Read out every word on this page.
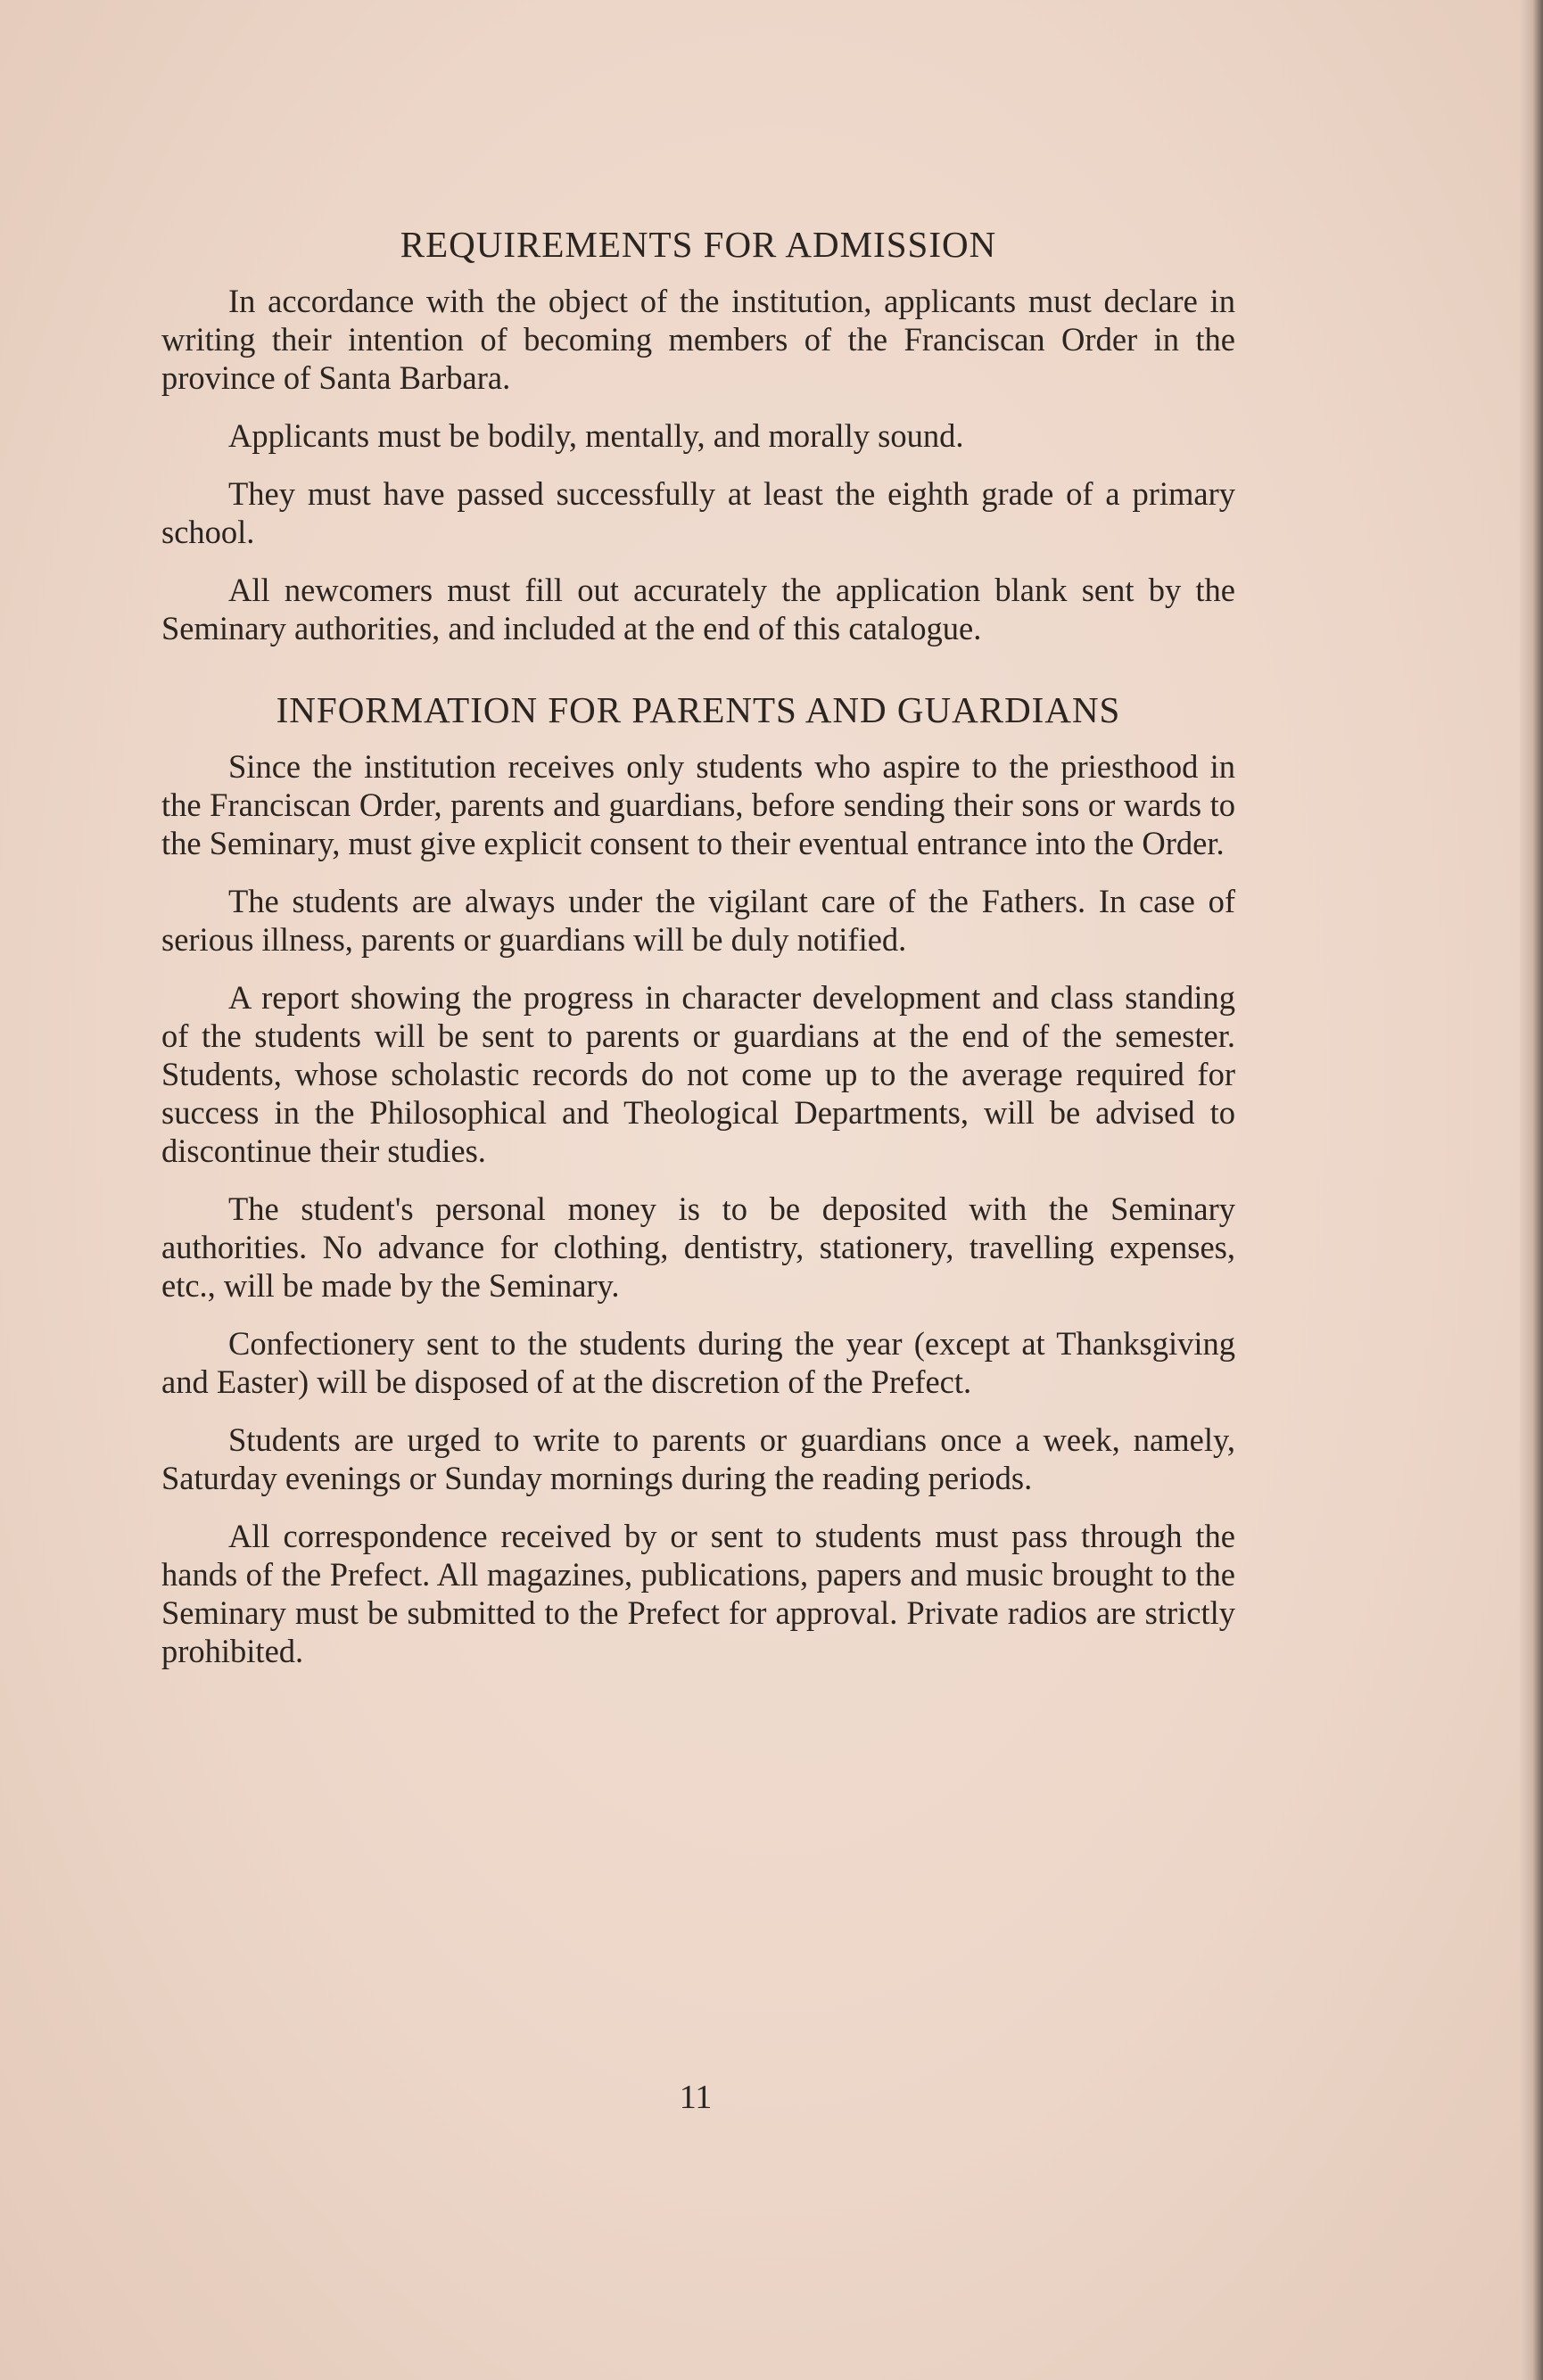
REQUIREMENTS FOR ADMISSION

In accordance with the object of the institution, applicants must declare in writing their intention of becoming members of the Franciscan Order in the province of Santa Barbara.

Applicants must be bodily, mentally, and morally sound.

They must have passed successfully at least the eighth grade of a primary school.

All newcomers must fill out accurately the application blank sent by the Seminary authorities, and included at the end of this catalogue.

INFORMATION FOR PARENTS AND GUARDIANS

Since the institution receives only students who aspire to the priesthood in the Franciscan Order, parents and guardians, before sending their sons or wards to the Seminary, must give explicit consent to their eventual entrance into the Order.

The students are always under the vigilant care of the Fathers. In case of serious illness, parents or guardians will be duly notified.

A report showing the progress in character development and class standing of the students will be sent to parents or guardians at the end of the semester. Students, whose scholastic records do not come up to the average required for success in the Philosophical and Theological Departments, will be advised to discontinue their studies.

The student's personal money is to be deposited with the Seminary authorities. No advance for clothing, dentistry, stationery, travelling expenses, etc., will be made by the Seminary.

Confectionery sent to the students during the year (except at Thanksgiving and Easter) will be disposed of at the discretion of the Prefect.

Students are urged to write to parents or guardians once a week, namely, Saturday evenings or Sunday mornings during the reading periods.

All correspondence received by or sent to students must pass through the hands of the Prefect. All magazines, publications, papers and music brought to the Seminary must be submitted to the Prefect for approval. Private radios are strictly prohibited.

11
